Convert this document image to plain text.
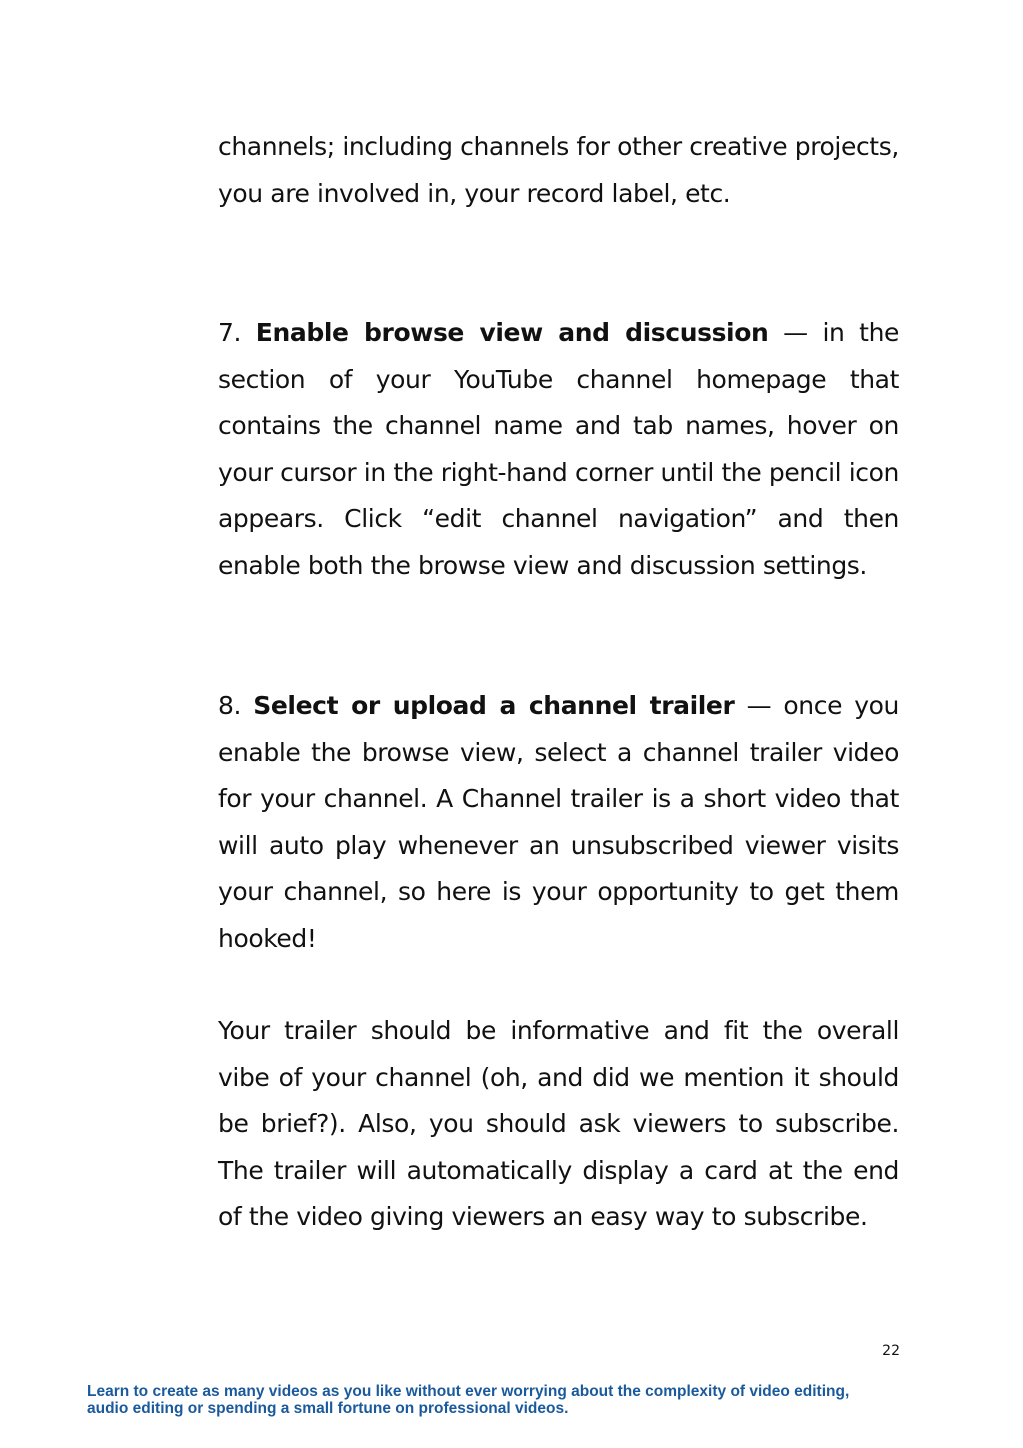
channels; including channels for other creative projects, you are involved in, your record label, etc.

7. Enable browse view and discussion — in the section of your YouTube channel homepage that contains the channel name and tab names, hover on your cursor in the right-hand corner until the pencil icon appears. Click “edit channel navigation” and then enable both the browse view and discussion settings.

8. Select or upload a channel trailer — once you enable the browse view, select a channel trailer video for your channel. A Channel trailer is a short video that will auto play whenever an unsubscribed viewer visits your channel, so here is your opportunity to get them hooked!

Your trailer should be informative and fit the overall vibe of your channel (oh, and did we mention it should be brief?). Also, you should ask viewers to subscribe. The trailer will automatically display a card at the end of the video giving viewers an easy way to subscribe.

22
Learn to create as many videos as you like without ever worrying about the complexity of video editing,
audio editing or spending a small fortune on professional videos.
